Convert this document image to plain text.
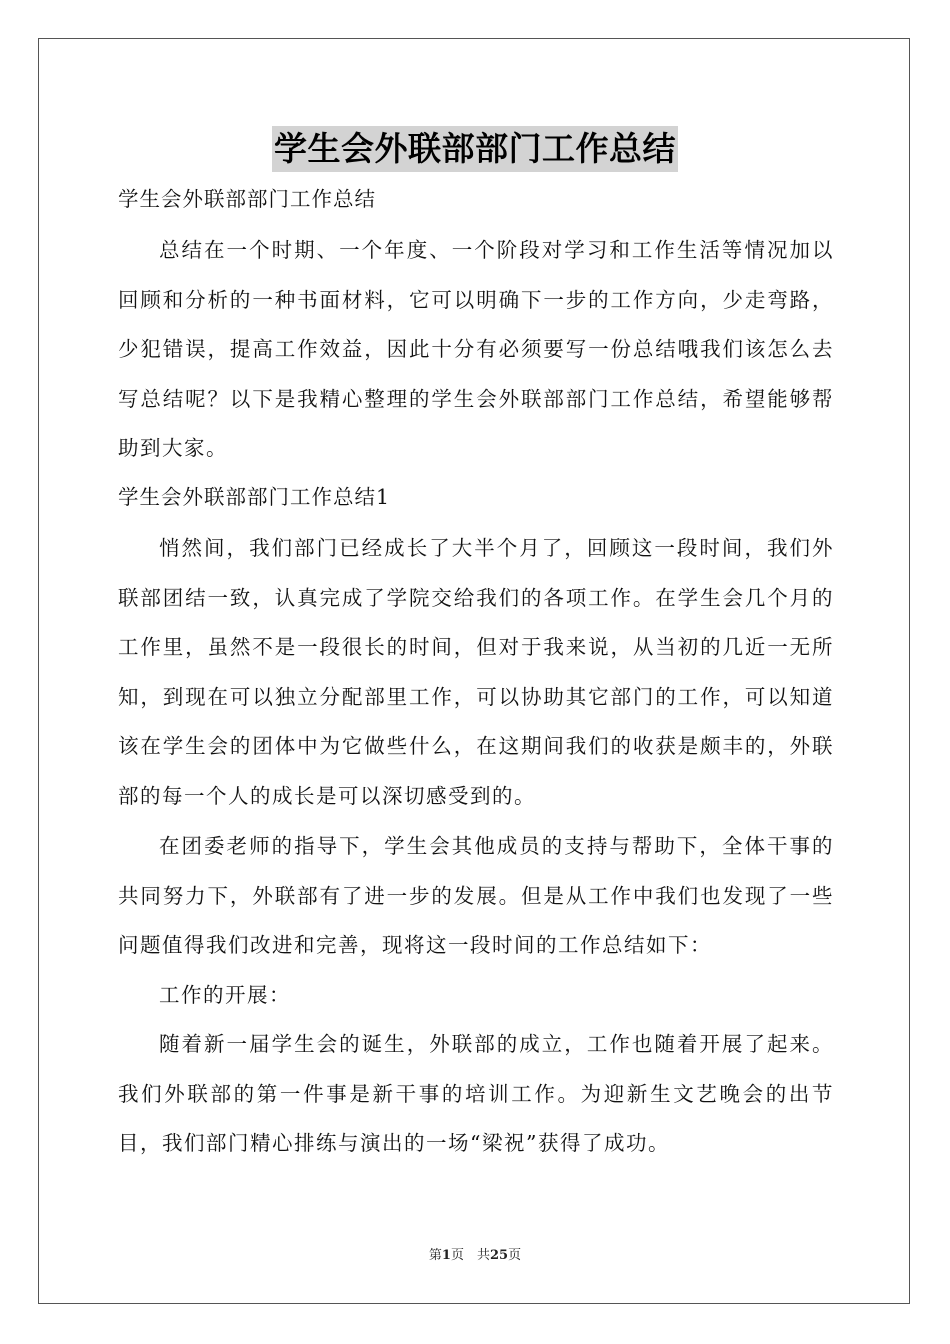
学生会外联部部门工作总结
学生会外联部部门工作总结

总结在一个时期、一个年度、一个阶段对学习和工作生活等情况加以回顾和分析的一种书面材料，它可以明确下一步的工作方向，少走弯路，少犯错误，提高工作效益，因此十分有必须要写一份总结哦我们该怎么去写总结呢？以下是我精心整理的学生会外联部部门工作总结，希望能够帮助到大家。

学生会外联部部门工作总结1

悄然间，我们部门已经成长了大半个月了，回顾这一段时间，我们外联部团结一致，认真完成了学院交给我们的各项工作。在学生会几个月的工作里，虽然不是一段很长的时间，但对于我来说，从当初的几近一无所知，到现在可以独立分配部里工作，可以协助其它部门的工作，可以知道该在学生会的团体中为它做些什么，在这期间我们的收获是颇丰的，外联部的每一个人的成长是可以深切感受到的。

在团委老师的指导下，学生会其他成员的支持与帮助下，全体干事的共同努力下，外联部有了进一步的发展。但是从工作中我们也发现了一些问题值得我们改进和完善，现将这一段时间的工作总结如下：

工作的开展：

随着新一届学生会的诞生，外联部的成立，工作也随着开展了起来。我们外联部的第一件事是新干事的培训工作。为迎新生文艺晚会的出节目，我们部门精心排练与演出的一场“梁祝”获得了成功。

第1页　共25页
